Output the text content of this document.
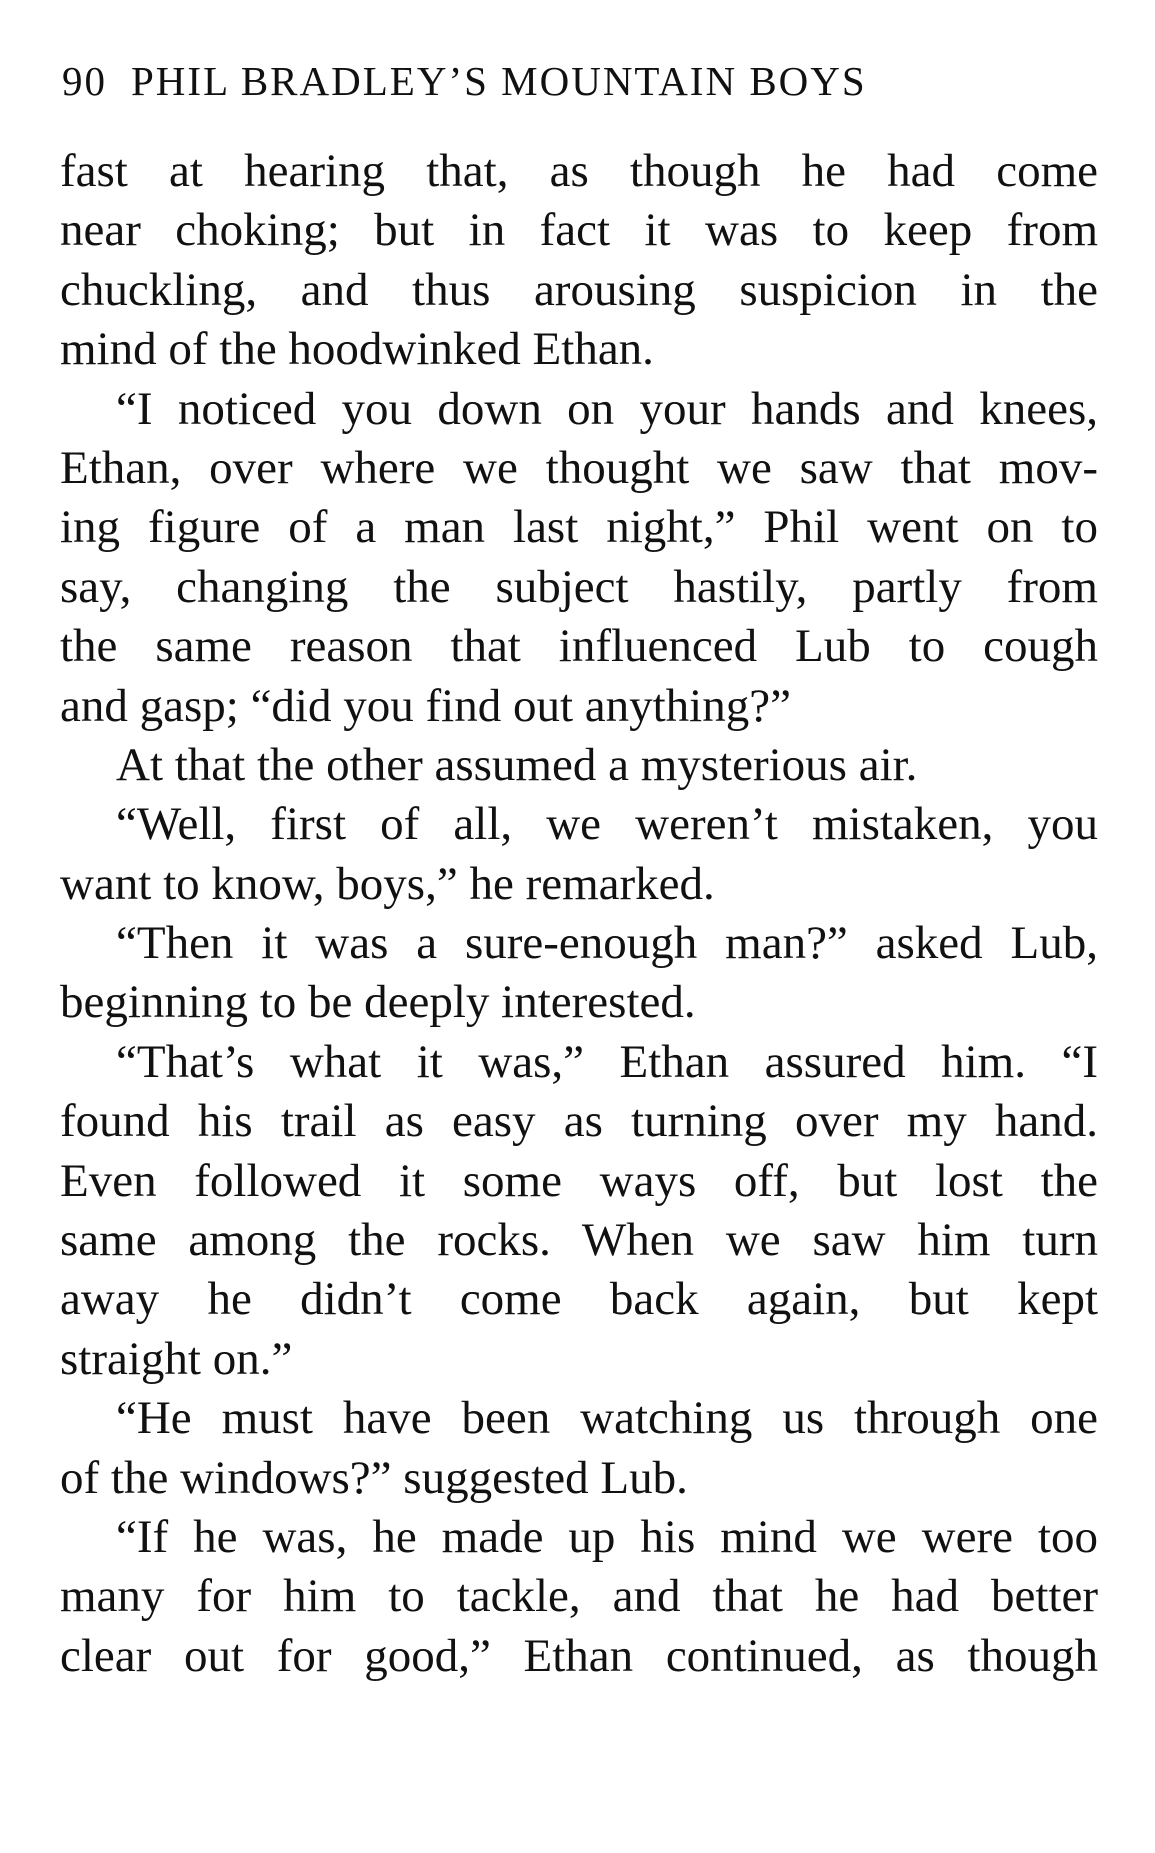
90 PHIL BRADLEY’S MOUNTAIN BOYS
fast at hearing that, as though he had come
near choking; but in fact it was to keep from
chuckling, and thus arousing suspicion in the
mind of the hoodwinked Ethan.
“I noticed you down on your hands and knees,
Ethan, over where we thought we saw that mov-
ing figure of a man last night,” Phil went on to
say, changing the subject hastily, partly from
the same reason that influenced Lub to cough
and gasp; “did you find out anything?”
At that the other assumed a mysterious air.
“Well, first of all, we weren’t mistaken, you
want to know, boys,” he remarked.
“Then it was a sure-enough man?” asked Lub,
beginning to be deeply interested.
“That’s what it was,” Ethan assured him. “I
found his trail as easy as turning over my hand.
Even followed it some ways off, but lost the
same among the rocks. When we saw him turn
away he didn’t come back again, but kept
straight on.”
“He must have been watching us through one
of the windows?” suggested Lub.
“If he was, he made up his mind we were too
many for him to tackle, and that he had better
clear out for good,” Ethan continued, as though
